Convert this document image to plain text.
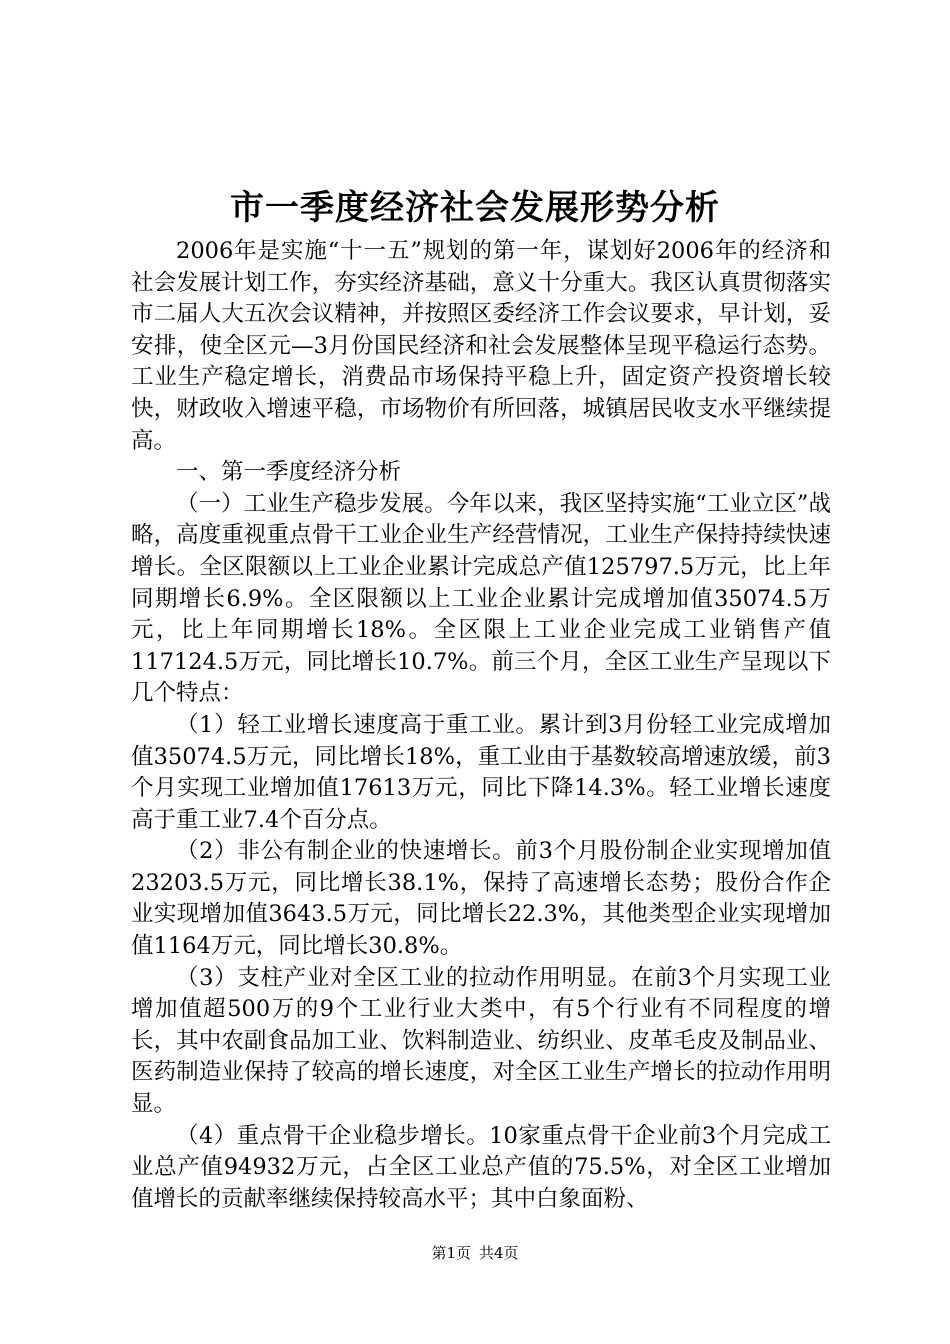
市一季度经济社会发展形势分析

2006年是实施“十一五”规划的第一年，谋划好2006年的经济和社会发展计划工作，夯实经济基础，意义十分重大。我区认真贯彻落实市二届人大五次会议精神，并按照区委经济工作会议要求，早计划，妥安排，使全区元—3月份国民经济和社会发展整体呈现平稳运行态势。工业生产稳定增长，消费品市场保持平稳上升，固定资产投资增长较快，财政收入增速平稳，市场物价有所回落，城镇居民收支水平继续提高。

一、第一季度经济分析

（一）工业生产稳步发展。今年以来，我区坚持实施“工业立区”战略，高度重视重点骨干工业企业生产经营情况，工业生产保持持续快速增长。全区限额以上工业企业累计完成总产值125797.5万元，比上年同期增长6.9%。全区限额以上工业企业累计完成增加值35074.5万元，比上年同期增长18%。全区限上工业企业完成工业销售产值117124.5万元，同比增长10.7%。前三个月，全区工业生产呈现以下几个特点：

（1）轻工业增长速度高于重工业。累计到3月份轻工业完成增加值35074.5万元，同比增长18%，重工业由于基数较高增速放缓，前3个月实现工业增加值17613万元，同比下降14.3%。轻工业增长速度高于重工业7.4个百分点。

（2）非公有制企业的快速增长。前3个月股份制企业实现增加值23203.5万元，同比增长38.1%，保持了高速增长态势；股份合作企业实现增加值3643.5万元，同比增长22.3%，其他类型企业实现增加值1164万元，同比增长30.8%。

（3）支柱产业对全区工业的拉动作用明显。在前3个月实现工业增加值超500万的9个工业行业大类中，有5个行业有不同程度的增长，其中农副食品加工业、饮料制造业、纺织业、皮革毛皮及制品业、医药制造业保持了较高的增长速度，对全区工业生产增长的拉动作用明显。

（4）重点骨干企业稳步增长。10家重点骨干企业前3个月完成工业总产值94932万元，占全区工业总产值的75.5%，对全区工业增加值增长的贡献率继续保持较高水平；其中白象面粉、

第1页 共4页
